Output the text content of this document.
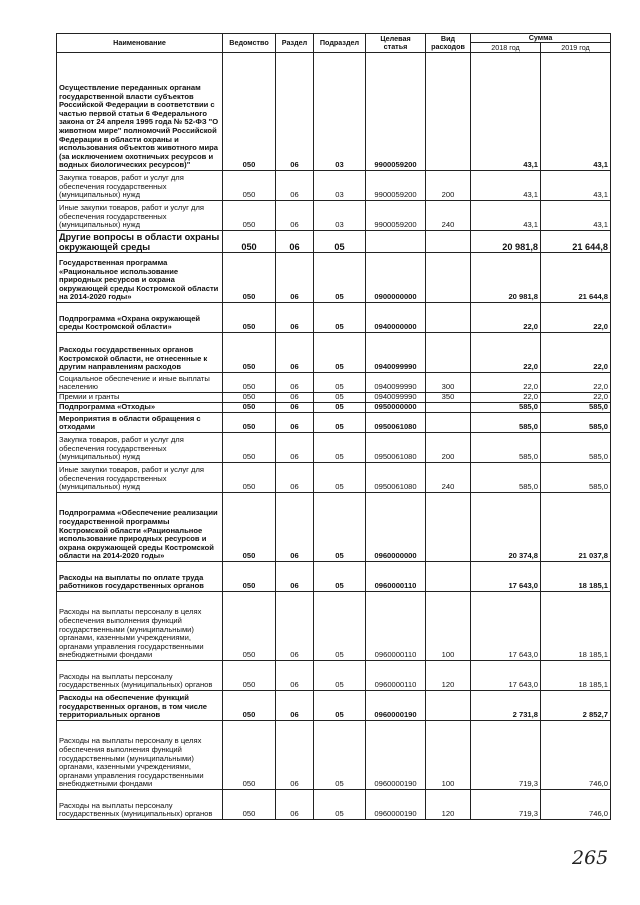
Наименование	Ведомство	Раздел	Подраздел	Целевая статья	Вид расходов	Сумма	
						2018 год	2019 год
Осуществление переданных органам государственной власти субъектов Российской Федерации в соответствии с частью первой статьи 6 Федерального закона от 24 апреля 1995 года № 52-ФЗ "О животном мире" полномочий Российской Федерации в области охраны и использования объектов животного мира (за исключением охотничьих ресурсов и водных биологических ресурсов)"	050	06	03	9900059200		43,1	43,1
Закупка товаров, работ и услуг для обеспечения государственных (муниципальных) нужд	050	06	03	9900059200	200	43,1	43,1
Иные закупки товаров, работ и услуг для обеспечения государственных (муниципальных) нужд	050	06	03	9900059200	240	43,1	43,1
Другие вопросы в области охраны окружающей среды	050	06	05			20 981,8	21 644,8
Государственная программа «Рациональное использование природных ресурсов и охрана окружающей среды Костромской области на 2014-2020 годы»	050	06	05	0900000000		20 981,8	21 644,8
Подпрограмма «Охрана окружающей среды Костромской области»	050	06	05	0940000000		22,0	22,0
Расходы государственных органов Костромской области, не отнесенные к другим направлениям расходов	050	06	05	0940099990		22,0	22,0
Социальное обеспечение и иные выплаты населению	050	06	05	0940099990	300	22,0	22,0
Премии и гранты	050	06	05	0940099990	350	22,0	22,0
Подпрограмма «Отходы»	050	06	05	0950000000		585,0	585,0
Мероприятия в области обращения с отходами	050	06	05	0950061080		585,0	585,0
Закупка товаров, работ и услуг для обеспечения государственных (муниципальных) нужд	050	06	05	0950061080	200	585,0	585,0
Иные закупки товаров, работ и услуг для обеспечения государственных (муниципальных) нужд	050	06	05	0950061080	240	585,0	585,0
Подпрограмма «Обеспечение реализации государственной программы Костромской области «Рациональное использование природных ресурсов и охрана окружающей среды Костромской области на 2014-2020 годы»	050	06	05	0960000000		20 374,8	21 037,8
Расходы на выплаты по оплате труда работников государственных органов	050	06	05	0960000110		17 643,0	18 185,1
Расходы на выплаты персоналу в целях обеспечения выполнения функций государственными (муниципальными) органами, казенными учреждениями, органами управления государственными внебюджетными фондами	050	06	05	0960000110	100	17 643,0	18 185,1
Расходы на выплаты персоналу государственных (муниципальных) органов	050	06	05	0960000110	120	17 643,0	18 185,1
Расходы на обеспечение функций государственных органов, в том числе территориальных органов	050	06	05	0960000190		2 731,8	2 852,7
Расходы на выплаты персоналу в целях обеспечения выполнения функций государственными (муниципальными) органами, казенными учреждениями, органами управления государственными внебюджетными фондами	050	06	05	0960000190	100	719,3	746,0
Расходы на выплаты персоналу государственных (муниципальных) органов	050	06	05	0960000190	120	719,3	746,0
265
